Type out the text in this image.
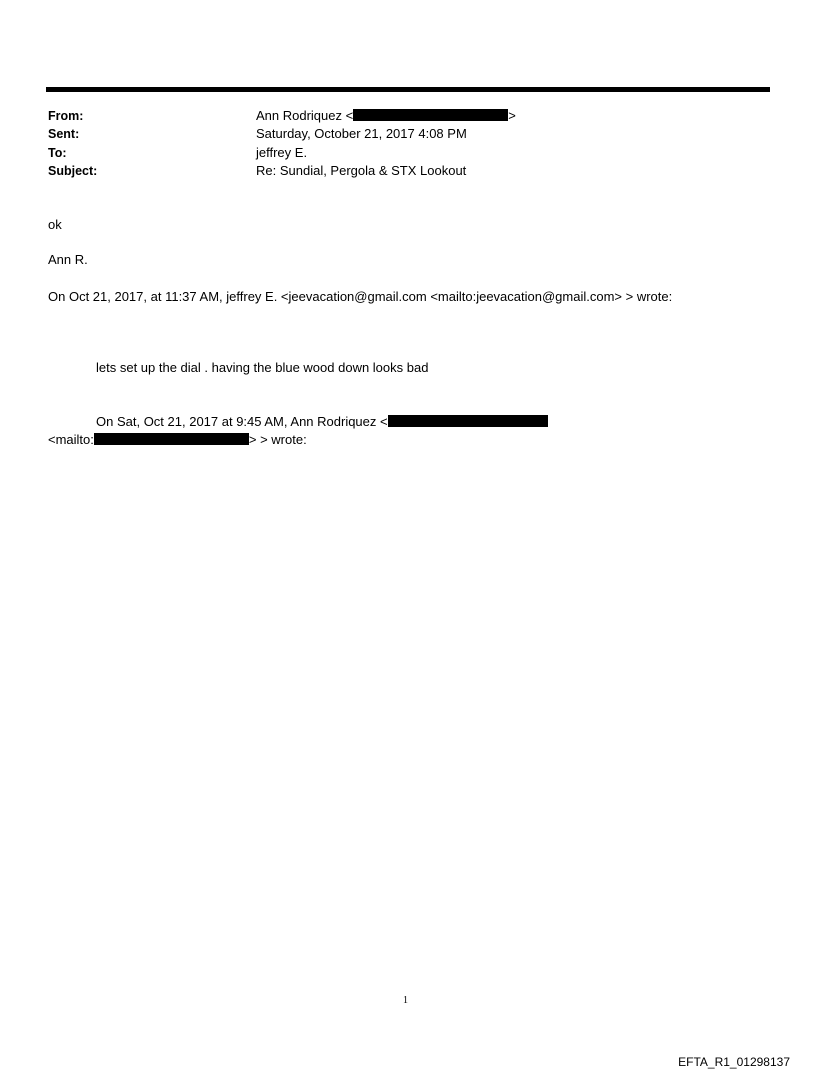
From:	Ann Rodriquez <	>
Sent:	Saturday, October 21, 2017 4:08 PM
To:	jeffrey E.
Subject:	Re: Sundial, Pergola & STX Lookout
ok
Ann R.
On Oct 21, 2017, at 11:37 AM, jeffrey E. <jeevacation@gmail.com <mailto:jeevacation@gmail.com> > wrote:
lets set up the dial . having the blue wood down looks bad
On Sat, Oct 21, 2017 at 9:45 AM, Ann Rodriquez <
<mailto:	> > wrote:
1
EFTA_R1_01298137
